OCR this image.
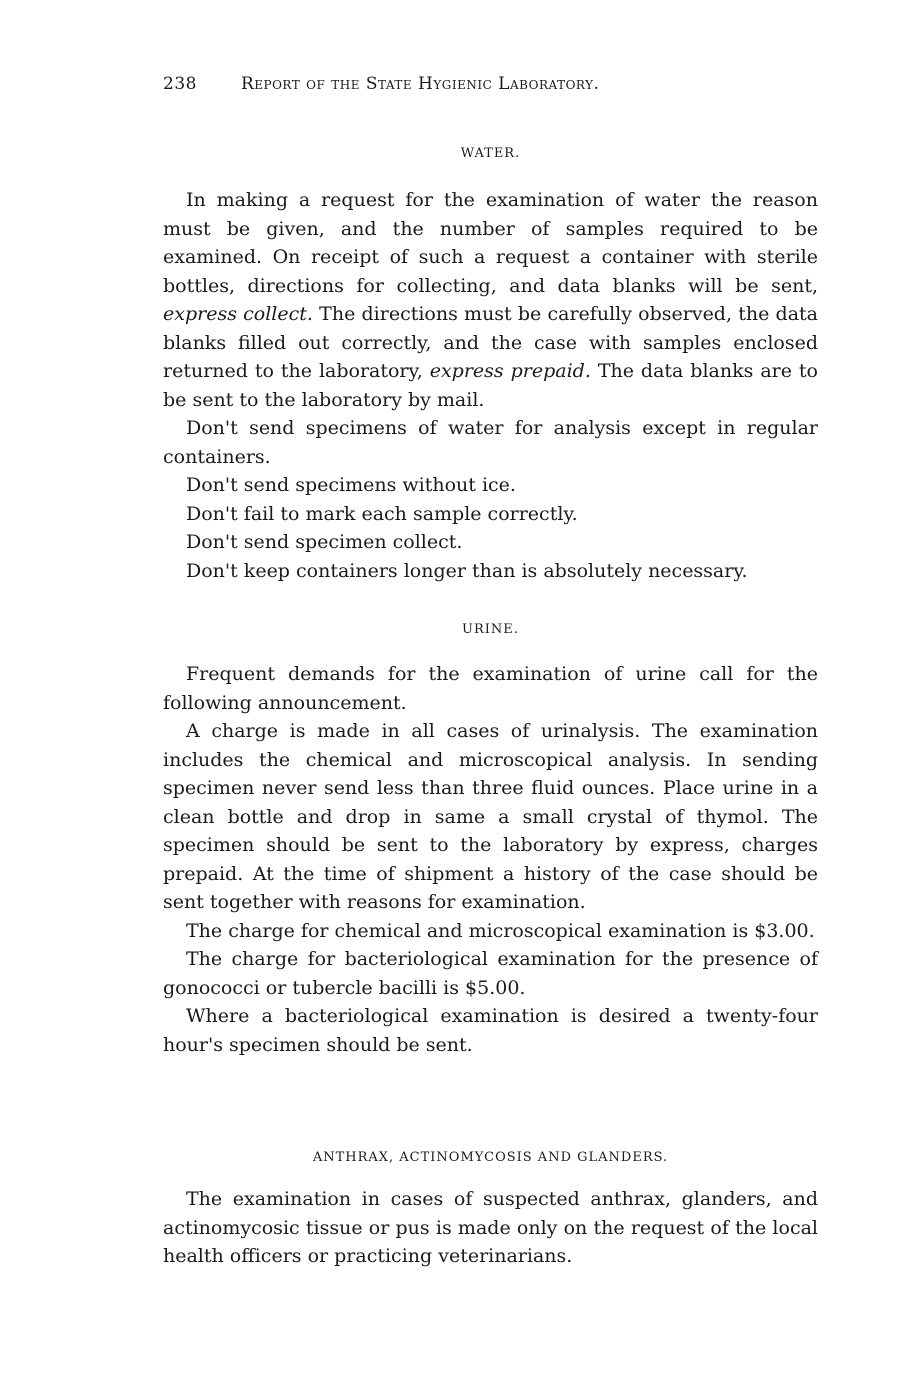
238	Report of the State Hygienic Laboratory.
WATER.

In making a request for the examination of water the reason must be given, and the number of samples required to be examined. On receipt of such a request a container with sterile bottles, directions for collecting, and data blanks will be sent, express collect. The directions must be carefully observed, the data blanks filled out correctly, and the case with samples enclosed returned to the laboratory, express prepaid. The data blanks are to be sent to the laboratory by mail.

Don't send specimens of water for analysis except in regular containers.

Don't send specimens without ice.

Don't fail to mark each sample correctly.

Don't send specimen collect.

Don't keep containers longer than is absolutely necessary.

URINE.

Frequent demands for the examination of urine call for the following announcement.

A charge is made in all cases of urinalysis. The examination includes the chemical and microscopical analysis. In sending specimen never send less than three fluid ounces. Place urine in a clean bottle and drop in same a small crystal of thymol. The specimen should be sent to the laboratory by express, charges prepaid. At the time of shipment a history of the case should be sent together with reasons for examination.

The charge for chemical and microscopical examination is $3.00.

The charge for bacteriological examination for the presence of gonococci or tubercle bacilli is $5.00.

Where a bacteriological examination is desired a twenty-four hour's specimen should be sent.

ANTHRAX, ACTINOMYCOSIS AND GLANDERS.

The examination in cases of suspected anthrax, glanders, and actinomycosic tissue or pus is made only on the request of the local health officers or practicing veterinarians.
